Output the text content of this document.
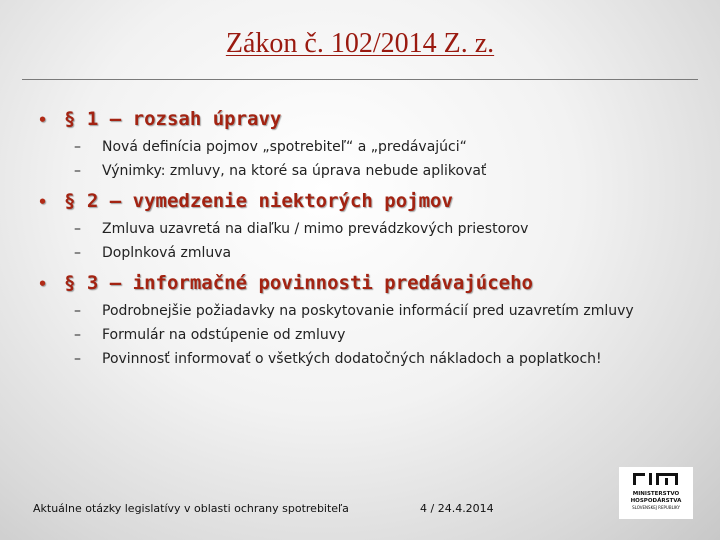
Zákon č. 102/2014 Z. z.
• § 1 – rozsah úpravy
– Nová definícia pojmov „spotrebiteľ“ a „predávajúci“
– Výnimky: zmluvy, na ktoré sa úprava nebude aplikovať
• § 2 – vymedzenie niektorých pojmov
– Zmluva uzavretá na diaľku / mimo prevádzkových priestorov
– Doplnková zmluva
• § 3 – informačné povinnosti predávajúceho
– Podrobnejšie požiadavky na poskytovanie informácií pred uzavretím zmluvy
– Formulár na odstúpenie od zmluvy
– Povinnosť informovať o všetkých dodatočných nákladoch a poplatkoch!
Aktuálne otázky legislatívy v oblasti ochrany spotrebiteľa	4 / 24.4.2014
MINISTERSTVO
HOSPODÁRSTVA
SLOVENSKEJ REPUBLIKY
